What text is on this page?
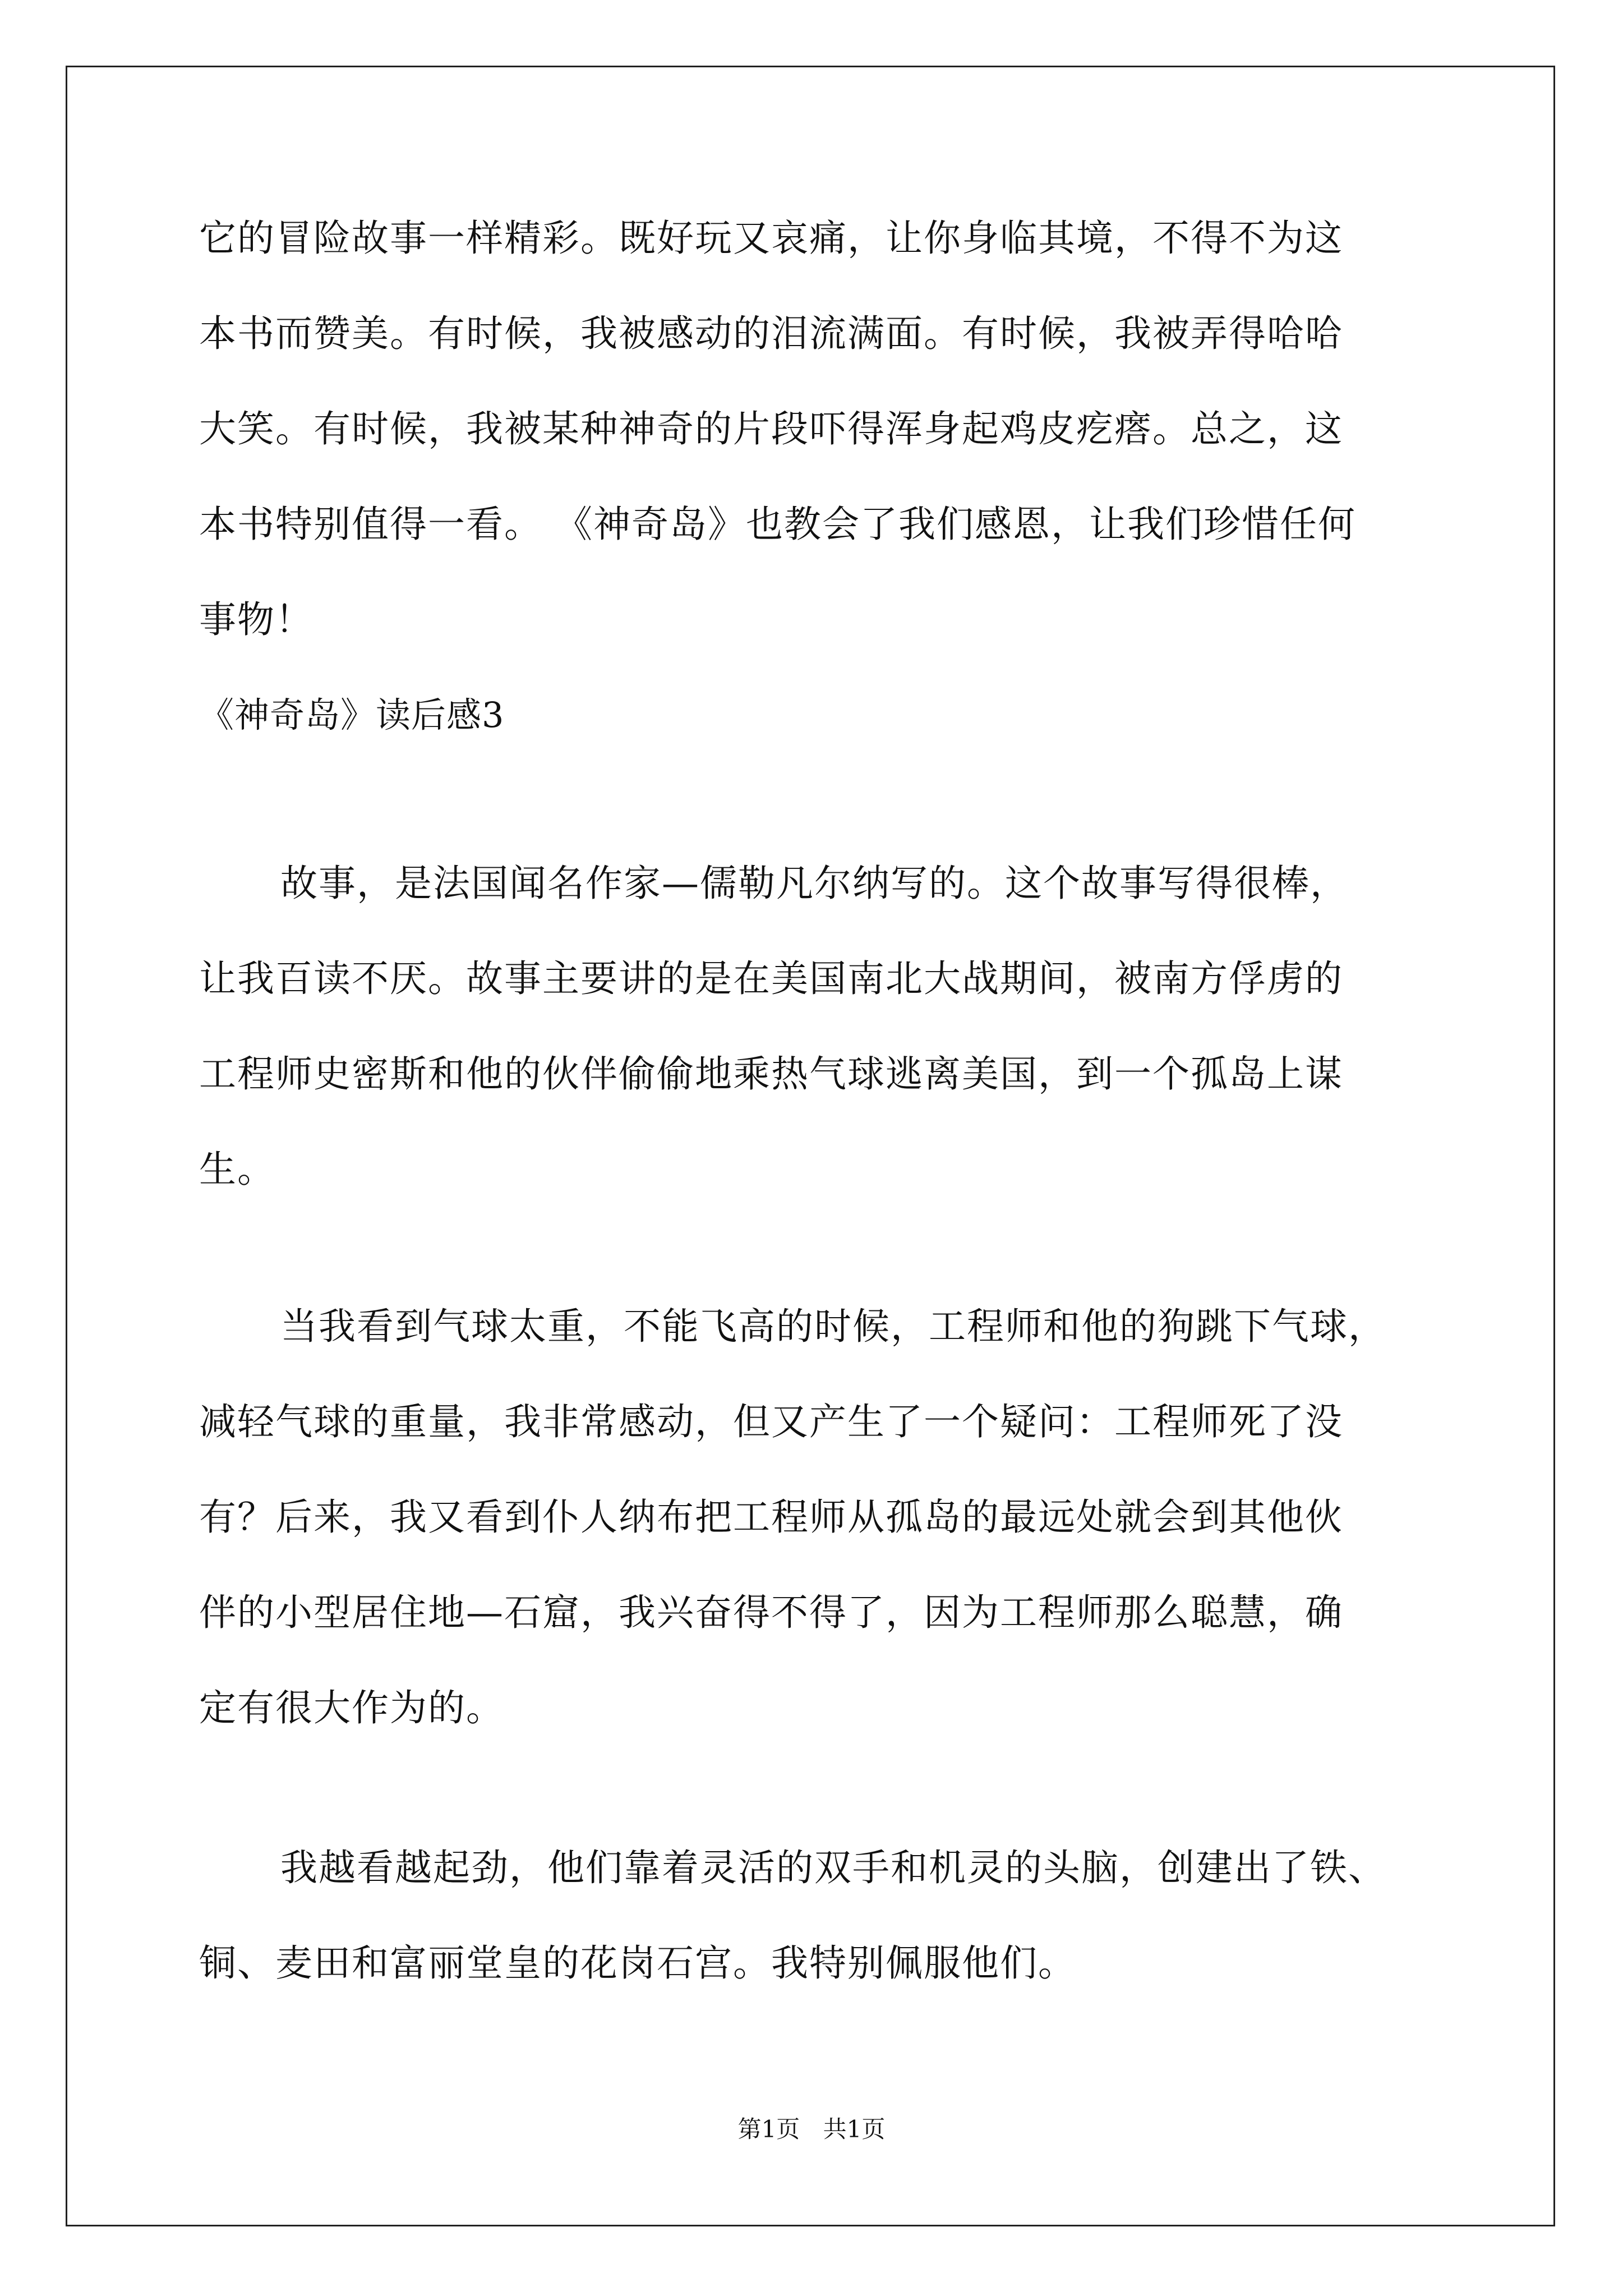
它的冒险故事一样精彩。既好玩又哀痛，让你身临其境，不得不为这
本书而赞美。有时候，我被感动的泪流满面。有时候，我被弄得哈哈
大笑。有时候，我被某种神奇的片段吓得浑身起鸡皮疙瘩。总之，这
本书特别值得一看。 《神奇岛》也教会了我们感恩，让我们珍惜任何
事物！
《神奇岛》读后感3
故事，是法国闻名作家—儒勒凡尔纳写的。这个故事写得很棒，
让我百读不厌。故事主要讲的是在美国南北大战期间，被南方俘虏的
工程师史密斯和他的伙伴偷偷地乘热气球逃离美国，到一个孤岛上谋
生。
当我看到气球太重，不能飞高的时候，工程师和他的狗跳下气球，
减轻气球的重量，我非常感动，但又产生了一个疑问：工程师死了没
有？后来，我又看到仆人纳布把工程师从孤岛的最远处就会到其他伙
伴的小型居住地—石窟，我兴奋得不得了，因为工程师那么聪慧，确
定有很大作为的。
我越看越起劲，他们靠着灵活的双手和机灵的头脑，创建出了铁、
铜、麦田和富丽堂皇的花岗石宫。我特别佩服他们。
第1页 共1页
